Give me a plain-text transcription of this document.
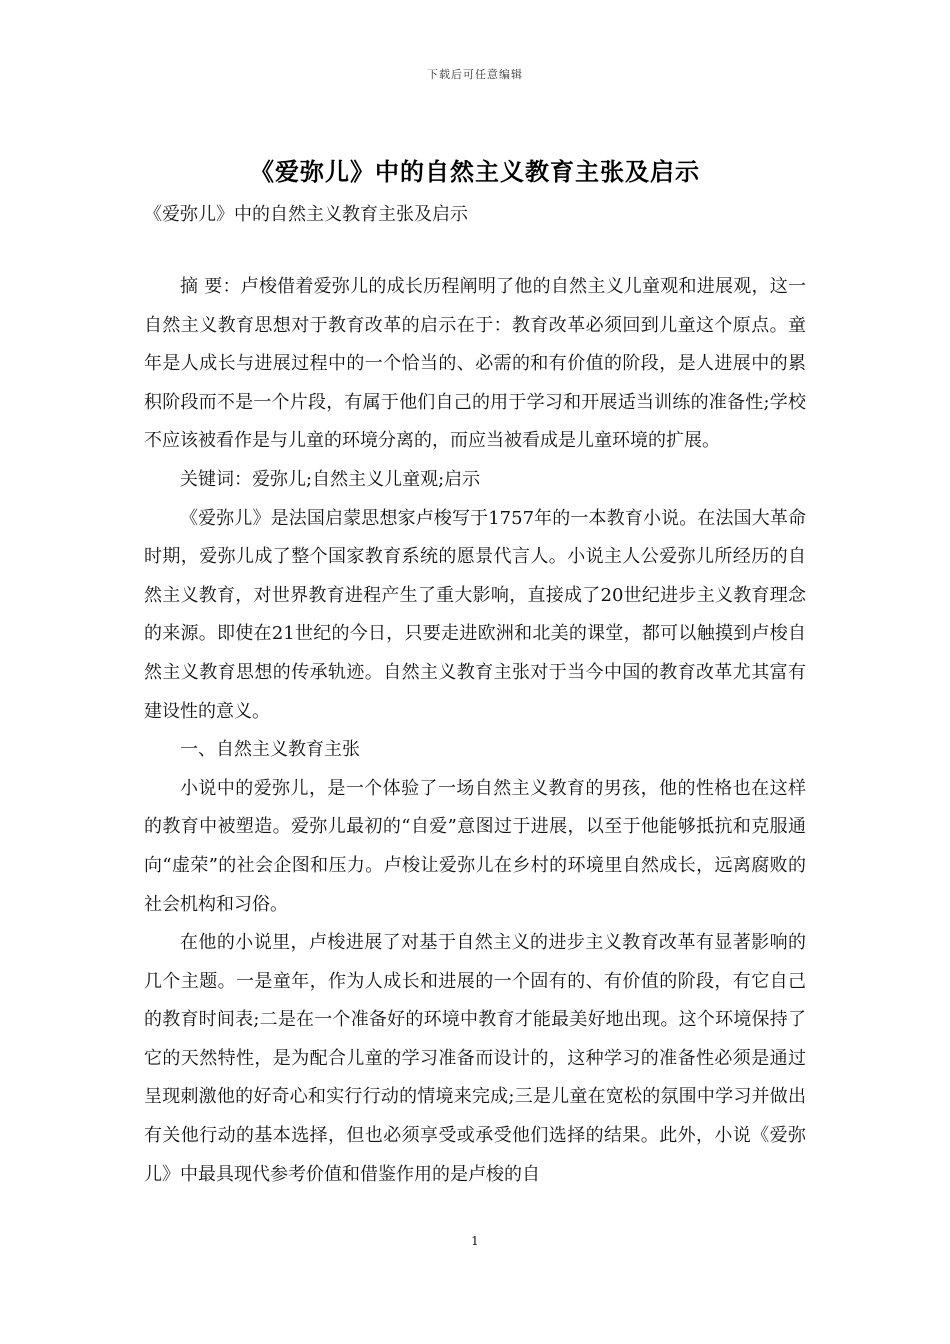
下载后可任意编辑
《爱弥儿》中的自然主义教育主张及启示
《爱弥儿》中的自然主义教育主张及启示

摘 要：卢梭借着爱弥儿的成长历程阐明了他的自然主义儿童观和进展观，这一自然主义教育思想对于教育改革的启示在于：教育改革必须回到儿童这个原点。童年是人成长与进展过程中的一个恰当的、必需的和有价值的阶段，是人进展中的累积阶段而不是一个片段，有属于他们自己的用于学习和开展适当训练的准备性;学校不应该被看作是与儿童的环境分离的，而应当被看成是儿童环境的扩展。

关键词：爱弥儿;自然主义儿童观;启示

《爱弥儿》是法国启蒙思想家卢梭写于1757年的一本教育小说。在法国大革命时期，爱弥儿成了整个国家教育系统的愿景代言人。小说主人公爱弥儿所经历的自然主义教育，对世界教育进程产生了重大影响，直接成了20世纪进步主义教育理念的来源。即使在21世纪的今日，只要走进欧洲和北美的课堂，都可以触摸到卢梭自然主义教育思想的传承轨迹。自然主义教育主张对于当今中国的教育改革尤其富有建设性的意义。

一、自然主义教育主张

小说中的爱弥儿，是一个体验了一场自然主义教育的男孩，他的性格也在这样的教育中被塑造。爱弥儿最初的“自爱”意图过于进展，以至于他能够抵抗和克服通向“虚荣”的社会企图和压力。卢梭让爱弥儿在乡村的环境里自然成长，远离腐败的社会机构和习俗。

在他的小说里，卢梭进展了对基于自然主义的进步主义教育改革有显著影响的几个主题。一是童年，作为人成长和进展的一个固有的、有价值的阶段，有它自己的教育时间表;二是在一个准备好的环境中教育才能最美好地出现。这个环境保持了它的天然特性，是为配合儿童的学习准备而设计的，这种学习的准备性必须是通过呈现刺激他的好奇心和实行行动的情境来完成;三是儿童在宽松的氛围中学习并做出有关他行动的基本选择，但也必须享受或承受他们选择的结果。此外，小说《爱弥儿》中最具现代参考价值和借鉴作用的是卢梭的自

1
